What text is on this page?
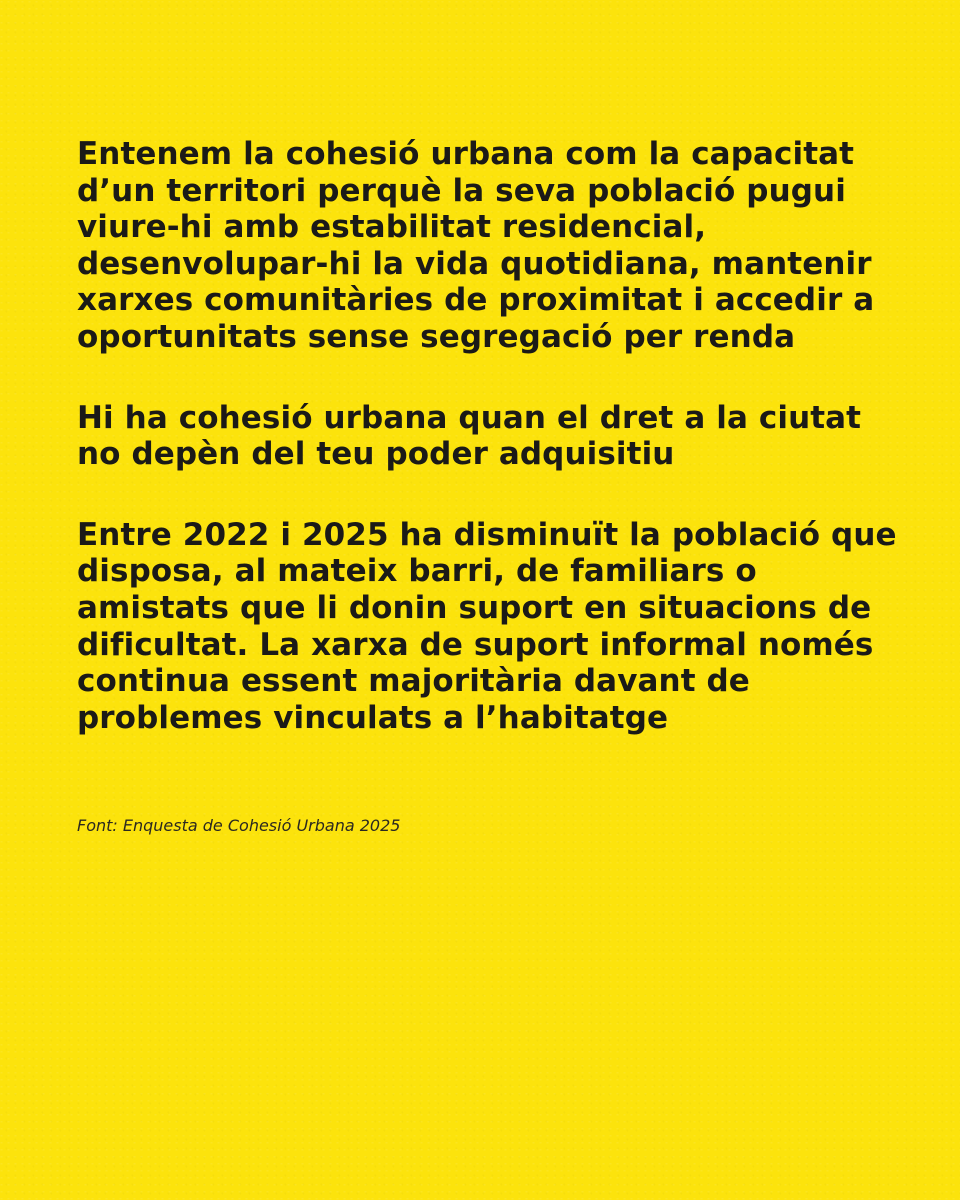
Entenem la cohesió urbana com la capacitat
d’un territori perquè la seva població pugui
viure-hi amb estabilitat residencial,
desenvolupar-hi la vida quotidiana, mantenir
xarxes comunitàries de proximitat i accedir a
oportunitats sense segregació per renda

Hi ha cohesió urbana quan el dret a la ciutat
no depèn del teu poder adquisitiu

Entre 2022 i 2025 ha disminuït la població que
disposa, al mateix barri, de familiars o
amistats que li donin suport en situacions de
dificultat. La xarxa de suport informal només
continua essent majoritària davant de
problemes vinculats a l’habitatge

Font: Enquesta de Cohesió Urbana 2025
